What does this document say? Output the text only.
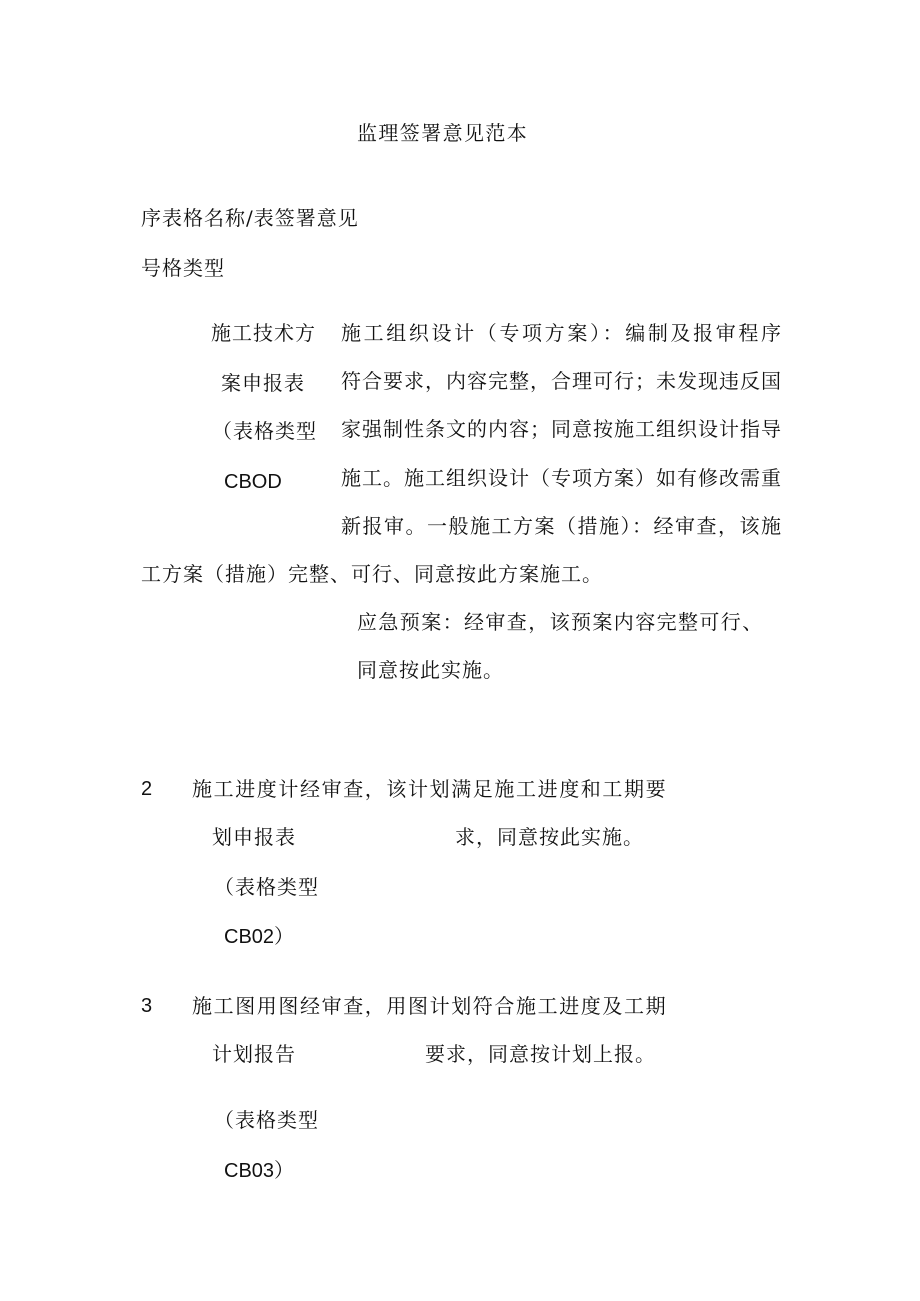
监理签署意见范本
序表格名称/表签署意见
号格类型
施工技术方
案申报表
（表格类型
CBOD
施工组织设计（专项方案）：编制及报审程序
符合要求，内容完整，合理可行；未发现违反国
家强制性条文的内容；同意按施工组织设计指导
施工。施工组织设计（专项方案）如有修改需重
新报审。一般施工方案（措施）：经审查，该施
工方案（措施）完整、可行、同意按此方案施工。
应急预案：经审查，该预案内容完整可行、
同意按此实施。
2 施工进度计经审查，该计划满足施工进度和工期要
划申报表	求，同意按此实施。
（表格类型
CB02）
3 施工图用图经审查，用图计划符合施工进度及工期
计划报告	要求，同意按计划上报。
（表格类型
CB03）
